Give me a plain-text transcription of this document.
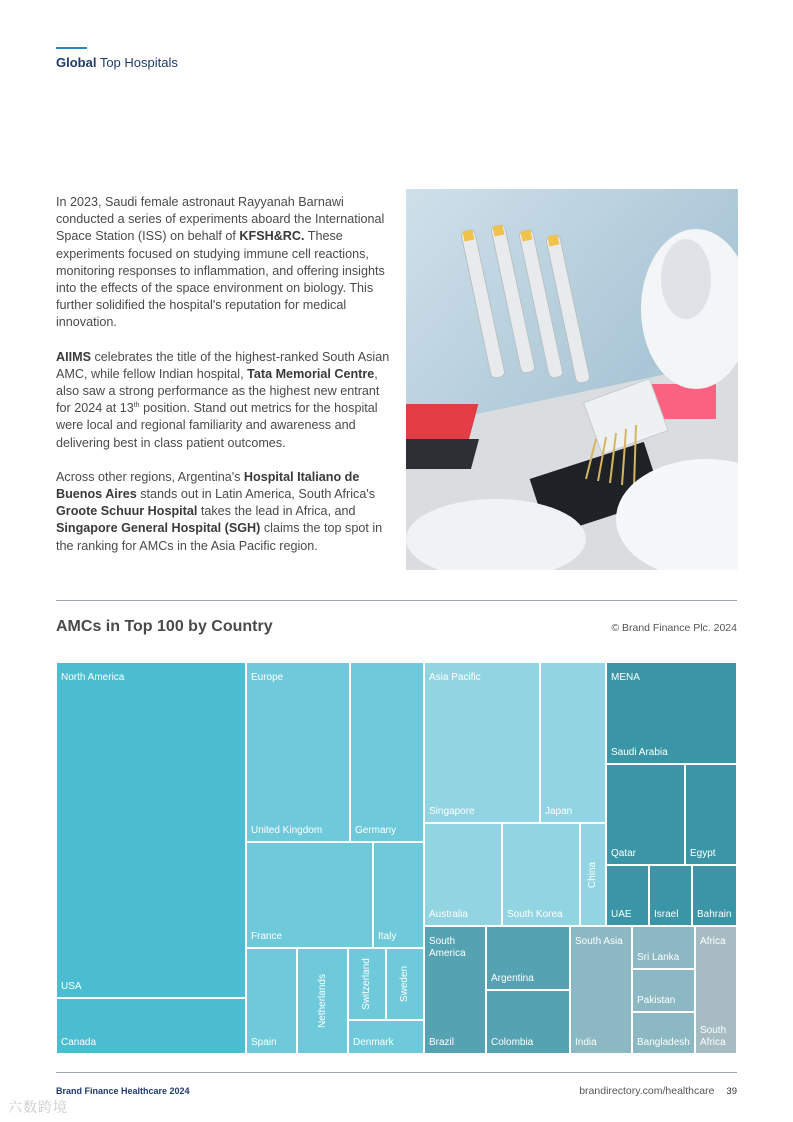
Global Top Hospitals

In 2023, Saudi female astronaut Rayyanah Barnawi conducted a series of experiments aboard the International Space Station (ISS) on behalf of KFSH&RC. These experiments focused on studying immune cell reactions, monitoring responses to inflammation, and offering insights into the effects of the space environment on biology. This further solidified the hospital's reputation for medical innovation.

AIIMS celebrates the title of the highest-ranked South Asian AMC, while fellow Indian hospital, Tata Memorial Centre, also saw a strong performance as the highest new entrant for 2024 at 13th position. Stand out metrics for the hospital were local and regional familiarity and awareness and delivering best in class patient outcomes.

Across other regions, Argentina's Hospital Italiano de Buenos Aires stands out in Latin America, South Africa's Groote Schuur Hospital takes the lead in Africa, and Singapore General Hospital (SGH) claims the top spot in the ranking for AMCs in the Asia Pacific region.

AMCs in Top 100 by Country	© Brand Finance Plc. 2024
North America
USA
Canada
Europe
United Kingdom	Germany
France	Italy
Spain
Netherlands	Switzerland	Sweden
Denmark
Asia Pacific
Singapore	Japan
Australia	South Korea
China
MENA
Saudi Arabia
Qatar	Egypt
UAE Israel Bahrain
South America
Brazil
Argentina
Colombia
South Asia
India
Sri Lanka
Pakistan
Bangladesh
Africa
South Africa
Brand Finance Healthcare 2024	brandirectory.com/healthcare 39
六数跨境
